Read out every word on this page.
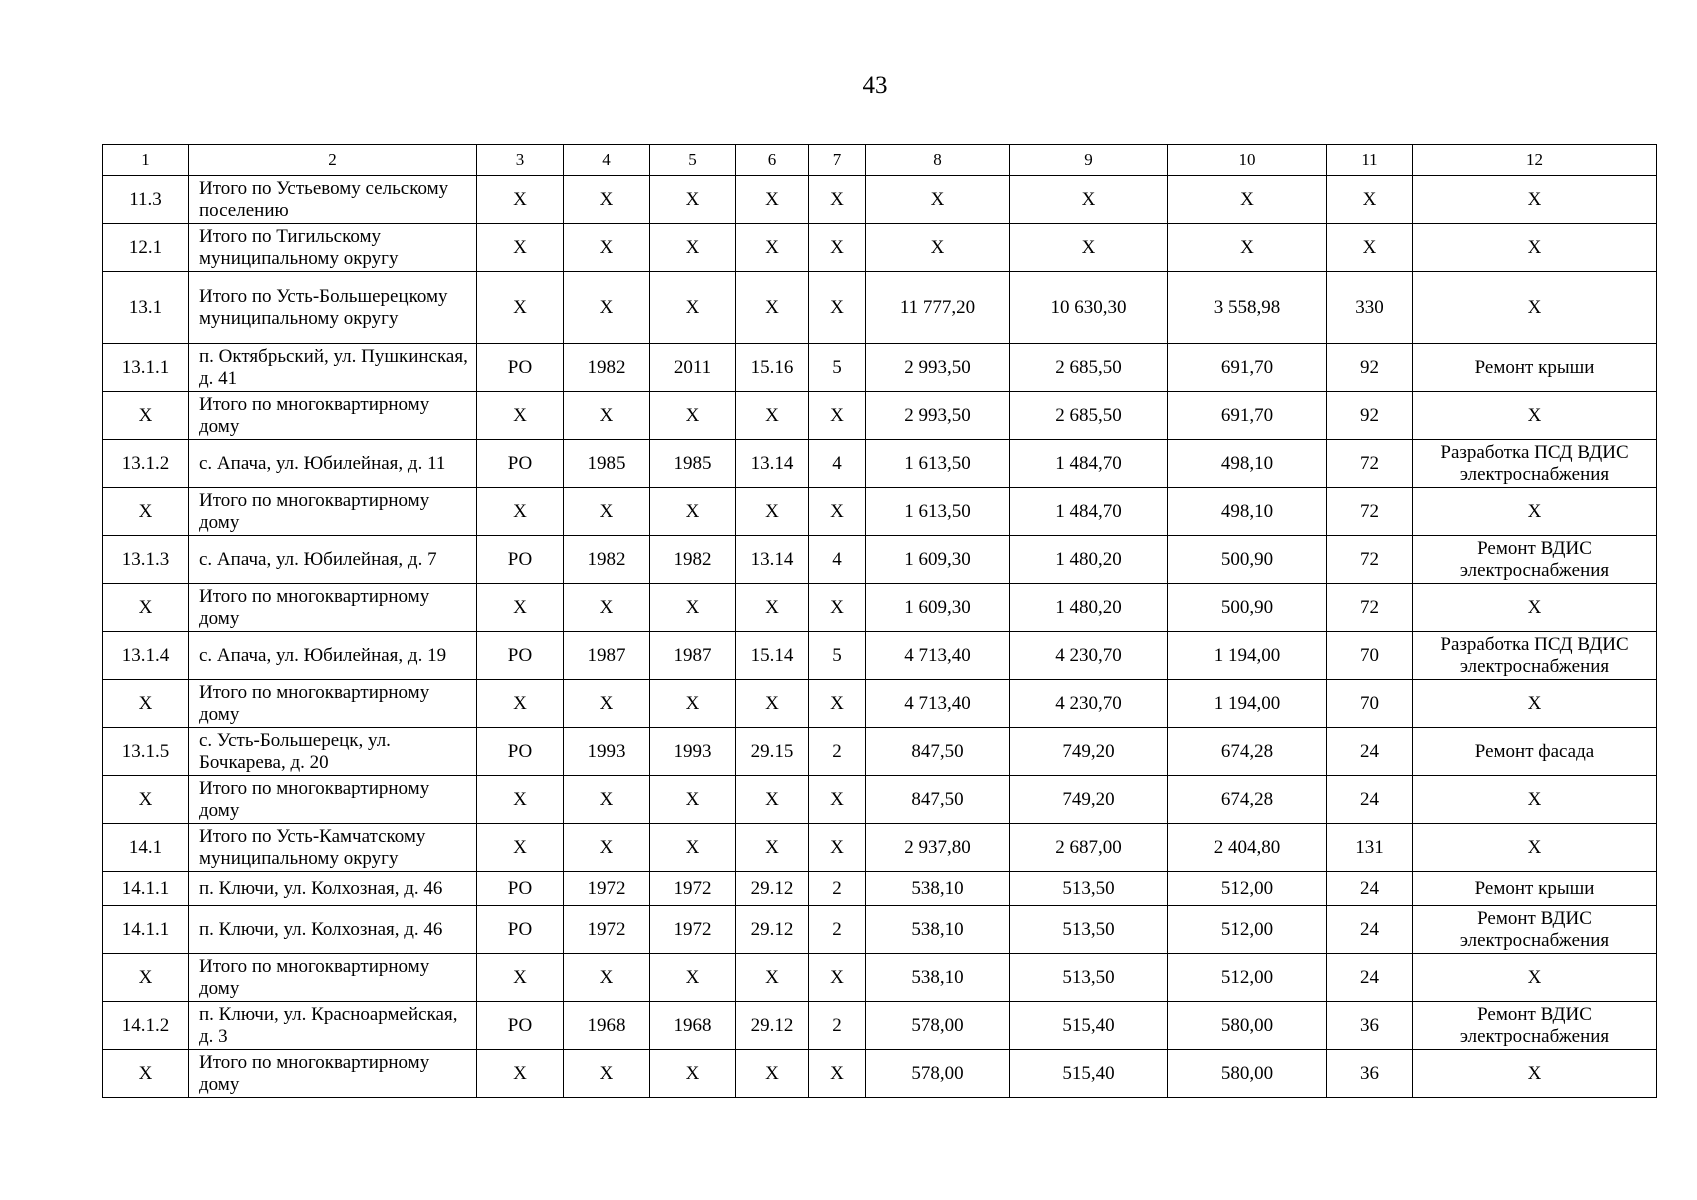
43
1	2	3	4	5	6	7	8	9	10	11	12
11.3	Итого по Устьевому сельскому поселению	Х	Х	Х	Х	Х	Х	Х	Х	Х	Х
12.1	Итого по Тигильскому муниципальному округу	Х	Х	Х	Х	Х	Х	Х	Х	Х	Х
13.1	Итого по Усть-Большерецкому муниципальному округу	Х	Х	Х	Х	Х	11 777,20	10 630,30	3 558,98	330	Х
13.1.1	п. Октябрьский, ул. Пушкинская, д. 41	РО	1982	2011	15.16	5	2 993,50	2 685,50	691,70	92	Ремонт крыши
Х	Итого по многоквартирному дому	Х	Х	Х	Х	Х	2 993,50	2 685,50	691,70	92	Х
13.1.2	с. Апача, ул. Юбилейная, д. 11	РО	1985	1985	13.14	4	1 613,50	1 484,70	498,10	72	Разработка ПСД ВДИС электроснабжения
Х	Итого по многоквартирному дому	Х	Х	Х	Х	Х	1 613,50	1 484,70	498,10	72	Х
13.1.3	с. Апача, ул. Юбилейная, д. 7	РО	1982	1982	13.14	4	1 609,30	1 480,20	500,90	72	Ремонт ВДИС электроснабжения
Х	Итого по многоквартирному дому	Х	Х	Х	Х	Х	1 609,30	1 480,20	500,90	72	Х
13.1.4	с. Апача, ул. Юбилейная, д. 19	РО	1987	1987	15.14	5	4 713,40	4 230,70	1 194,00	70	Разработка ПСД ВДИС электроснабжения
Х	Итого по многоквартирному дому	Х	Х	Х	Х	Х	4 713,40	4 230,70	1 194,00	70	Х
13.1.5	с. Усть-Большерецк, ул. Бочкарева, д. 20	РО	1993	1993	29.15	2	847,50	749,20	674,28	24	Ремонт фасада
Х	Итого по многоквартирному дому	Х	Х	Х	Х	Х	847,50	749,20	674,28	24	Х
14.1	Итого по Усть-Камчатскому муниципальному округу	Х	Х	Х	Х	Х	2 937,80	2 687,00	2 404,80	131	Х
14.1.1	п. Ключи, ул. Колхозная, д. 46	РО	1972	1972	29.12	2	538,10	513,50	512,00	24	Ремонт крыши
14.1.1	п. Ключи, ул. Колхозная, д. 46	РО	1972	1972	29.12	2	538,10	513,50	512,00	24	Ремонт ВДИС электроснабжения
Х	Итого по многоквартирному дому	Х	Х	Х	Х	Х	538,10	513,50	512,00	24	Х
14.1.2	п. Ключи, ул. Красноармейская, д. 3	РО	1968	1968	29.12	2	578,00	515,40	580,00	36	Ремонт ВДИС электроснабжения
Х	Итого по многоквартирному дому	Х	Х	Х	Х	Х	578,00	515,40	580,00	36	Х
